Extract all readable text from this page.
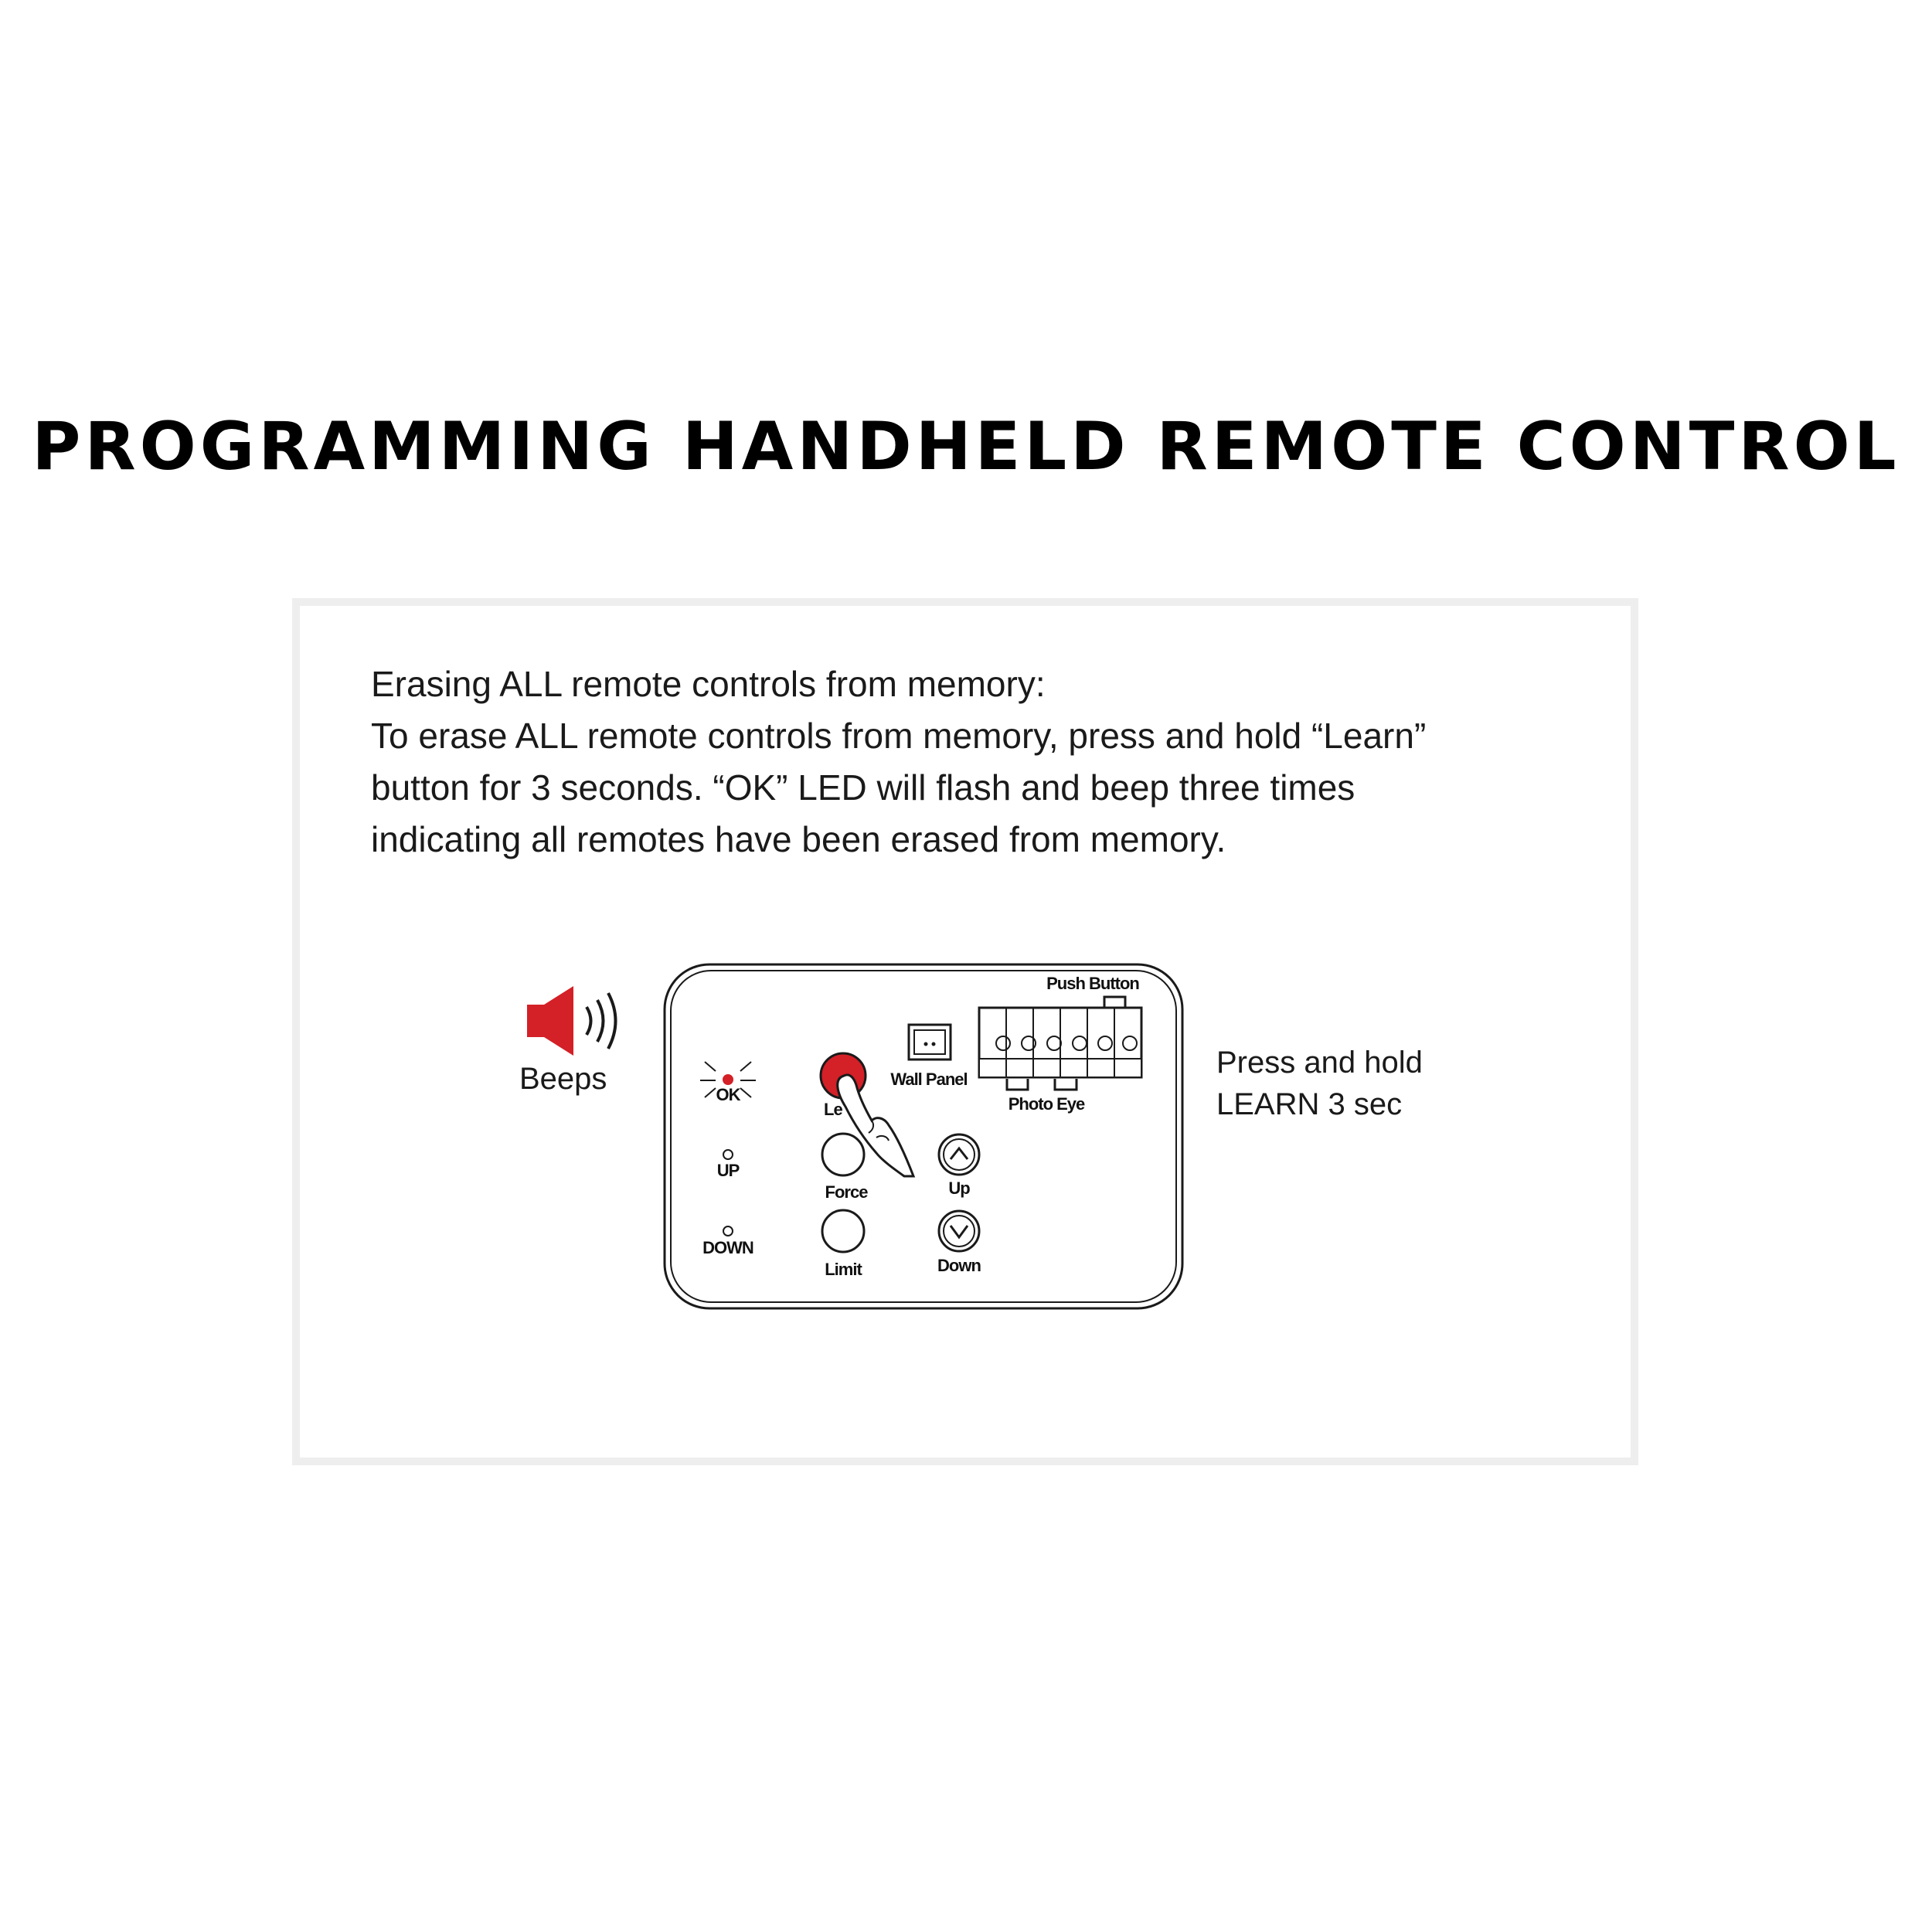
PROGRAMMING HANDHELD REMOTE CONTROL
Erasing ALL remote controls from memory:
To erase ALL remote controls from memory, press and hold “Learn”
button for 3 seconds. “OK” LED will flash and beep three times
indicating all remotes have been erased from memory.
Push Button
Photo Eye
Wall Panel
OK
UP
DOWN
Le
Force
Limit
Up
Down
Beeps	Press and hold
LEARN 3 sec
